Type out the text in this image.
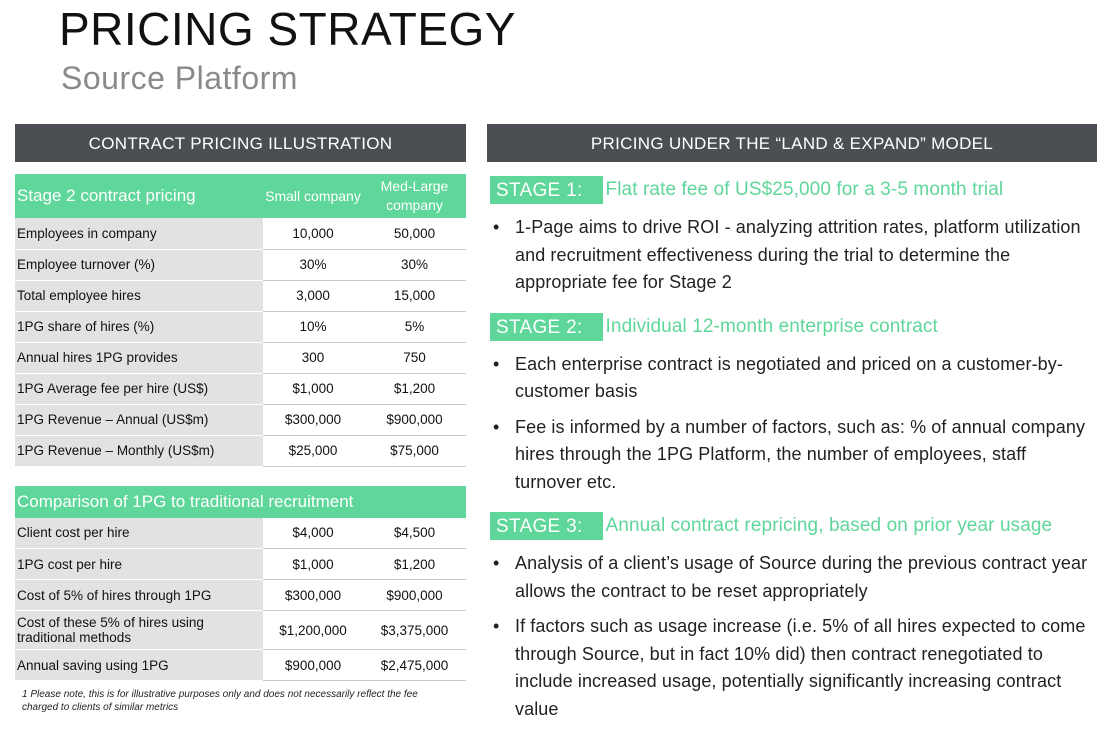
PRICING STRATEGY
Source Platform
CONTRACT PRICING ILLUSTRATION
Stage 2 contract pricing	Small company	Med-Large company
Employees in company	10,000	50,000
Employee turnover (%)	30%	30%
Total employee hires	3,000	15,000
1PG share of hires (%)	10%	5%
Annual hires 1PG provides	300	750
1PG Average fee per hire (US$)	$1,000	$1,200
1PG Revenue – Annual (US$m)	$300,000	$900,000
1PG Revenue – Monthly (US$m)	$25,000	$75,000
Comparison of 1PG to traditional recruitment		
Client cost per hire	$4,000	$4,500
1PG cost per hire	$1,000	$1,200
Cost of 5% of hires through 1PG	$300,000	$900,000
Cost of these 5% of hires using traditional methods	$1,200,000	$3,375,000
Annual saving using 1PG	$900,000	$2,475,000
1 Please note, this is for illustrative purposes only and does not necessarily reflect the fee charged to clients of similar metrics
PRICING UNDER THE “LAND & EXPAND” MODEL
STAGE 1:	Flat rate fee of US$25,000 for a 3-5 month trial
• 1-Page aims to drive ROI - analyzing attrition rates, platform utilization and recruitment effectiveness during the trial to determine the appropriate fee for Stage 2
STAGE 2:	Individual 12-month enterprise contract
• Each enterprise contract is negotiated and priced on a customer-by-customer basis
• Fee is informed by a number of factors, such as: % of annual company hires through the 1PG Platform, the number of employees, staff turnover etc.
STAGE 3:	Annual contract repricing, based on prior year usage
• Analysis of a client’s usage of Source during the previous contract year allows the contract to be reset appropriately
• If factors such as usage increase (i.e. 5% of all hires expected to come through Source, but in fact 10% did) then contract renegotiated to include increased usage, potentially significantly increasing contract value
